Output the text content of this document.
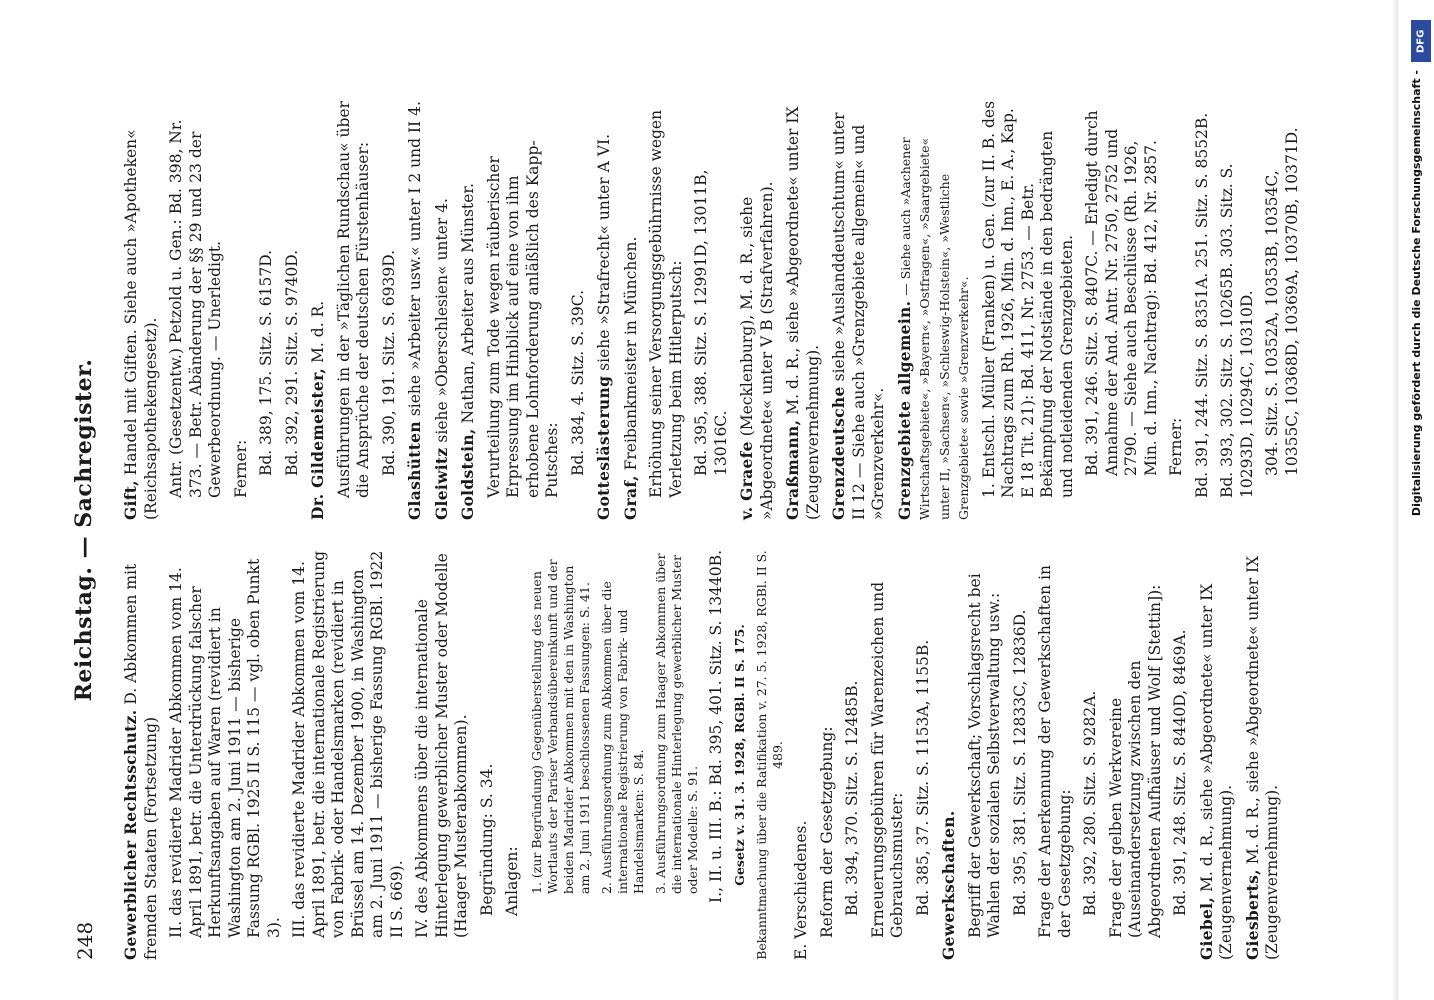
248
Reichstag. — Sachregister.
Gewerblicher Rechtsschutz. D. Abkommen mit fremden Staaten (Fortsetzung) II. das revidierte Madrider Abkommen vom 14. April 1891, betr. die Unterdrückung falscher Herkunftsangaben auf Waren (revidiert in Washington am 2. Juni 1911 — bisherige Fassung RGBl. 1925 II S. 115 — vgl. oben Punkt 3). III. das revidierte Madrider Abkommen vom 14. April 1891, betr. die internationale Registrierung von Fabrik- oder Handelsmarken (revidiert in Brüssel am 14. Dezember 1900, in Washington am 2. Juni 1911 — bisherige Fassung RGBl. 1922 II S. 669). IV. des Abkommens über die internationale Hinterlegung gewerblicher Muster oder Modelle (Haager Musterabkommen). Begründung: S. 34. Anlagen: 1. (zur Begründung) Gegenüberstellung des neuen Wortlauts der Pariser Verbandsübereinkunft und der beiden Madrider Abkommen mit den in Washington am 2. Juni 1911 beschlossenen Fassungen: S. 41. 2. Ausführungsordnung zum Abkommen über die internationale Registrierung von Fabrik- und Handelsmarken: S. 84. 3. Ausführungsordnung zum Haager Abkommen über die internationale Hinterlegung gewerblicher Muster oder Modelle: S. 91. I., II. u. III. B.: Bd. 395, 401. Sitz. S. 13440B. Gesetz v. 31. 3. 1928, RGBl. II S. 175. Bekanntmachung über die Ratifikation v. 27. 5. 1928, RGBl. II S. 489.
E. Verschiedenes. Reform der Gesetzgebung: Bd. 394, 370. Sitz. S. 12485B. Erneuerungsgebühren für Warenzeichen und Gebrauchsmuster: Bd. 385, 37. Sitz. S. 1153A, 1155B. Gewerkschaften. Begriff der Gewerkschaft; Vorschlagsrecht bei Wahlen der sozialen Selbstverwaltung usw.: Bd. 395, 381. Sitz. S. 12833C, 12836D. Frage der Anerkennung der Gewerkschaften in der Gesetzgebung: Bd. 392, 280. Sitz. S. 9282A. Frage der gelben Werkvereine (Auseinandersetzung zwischen den Abgeordneten Aufhäuser und Wolf [Stettin]): Bd. 391, 248. Sitz. S. 8440D, 8469A.
Giebel, M. d. R., siehe »Abgeordnete« unter IX (Zeugenvernehmung). Giesberts, M. d. R., siehe »Abgeordnete« unter IX (Zeugenvernehmung).
Gift, Handel mit Giften. Siehe auch »Apotheken« (Reichsapothekengesetz). Antr. (Gesetzentw.) Petzold u. Gen.: Bd. 398, Nr. 373. — Betr. Abänderung der §§ 29 und 23 der Gewerbeordnung. — Unerledigt. Ferner: Bd. 389, 175. Sitz. S. 6157D. Bd. 392, 291. Sitz. S. 9740D. Dr. Gildemeister, M. d. R. Ausführungen in der »Täglichen Rundschau« über die Ansprüche der deutschen Fürstenhäuser: Bd. 390, 191. Sitz. S. 6939D. Glashütten siehe »Arbeiter usw.« unter I 2 und II 4.
Gleiwitz siehe »Oberschlesien« unter 4.
Goldstein, Nathan, Arbeiter aus Münster. Verurteilung zum Tode wegen räuberischer Erpressung im Hinblick auf eine von ihm erhobene Lohnforderung anläßlich des Kapp-Putsches: Bd. 384, 4. Sitz. S. 39C. Gotteslästerung siehe »Strafrecht« unter A VI.
Graf, Freibankmeister in München. Erhöhung seiner Versorgungsgebührnisse wegen Verletzung beim Hitlerputsch: Bd. 395, 388. Sitz. S. 12991D, 13011B, 13016C. v. Graefe (Mecklenburg), M. d. R., siehe »Abgeordnete« unter V B (Strafverfahren). Graßmann, M. d. R., siehe »Abgeordnete« unter IX (Zeugenvernehmung). Grenzdeutsche siehe »Auslanddeutschtum« unter II 12 — Siehe auch »Grenzgebiete allgemein« und »Grenzverkehr«. Grenzgebiete allgemein. — Siehe auch »Aachener Wirtschaftsgebiete«, »Bayern«, »Ostfragen«, »Saargebiete« unter II, »Sachsen«, »Schleswig-Holstein«, »Westliche Grenzgebiete« sowie »Grenzverkehr«. 1. Entschl. Müller (Franken) u. Gen. (zur II. B. des Nachtrags zum Rh. 1926, Min. d. Inn., E. A., Kap. E 18 Tit. 21): Bd. 411, Nr. 2753. — Betr. Bekämpfung der Notstände in den bedrängten und notleidenden Grenzgebieten. Bd. 391, 246. Sitz. S. 8407C. — Erledigt durch Annahme der And. Antr. Nr. 2750, 2752 und 2790. — Siehe auch Beschlüsse (Rh. 1926, Min. d. Inn., Nachtrag): Bd. 412, Nr. 2857. Ferner: Bd. 391, 244. Sitz. S. 8351A. 251. Sitz. S. 8552B. Bd. 393, 302. Sitz. S. 10265B. 303. Sitz. S. 10293D, 10294C, 10310D. 304. Sitz. S. 10352A, 10353B, 10354C, 10355C, 10368D, 10369A, 10370B, 10371D.
DFG
Digitalisierung gefördert durch die Deutsche Forschungsgemeinschaft -
